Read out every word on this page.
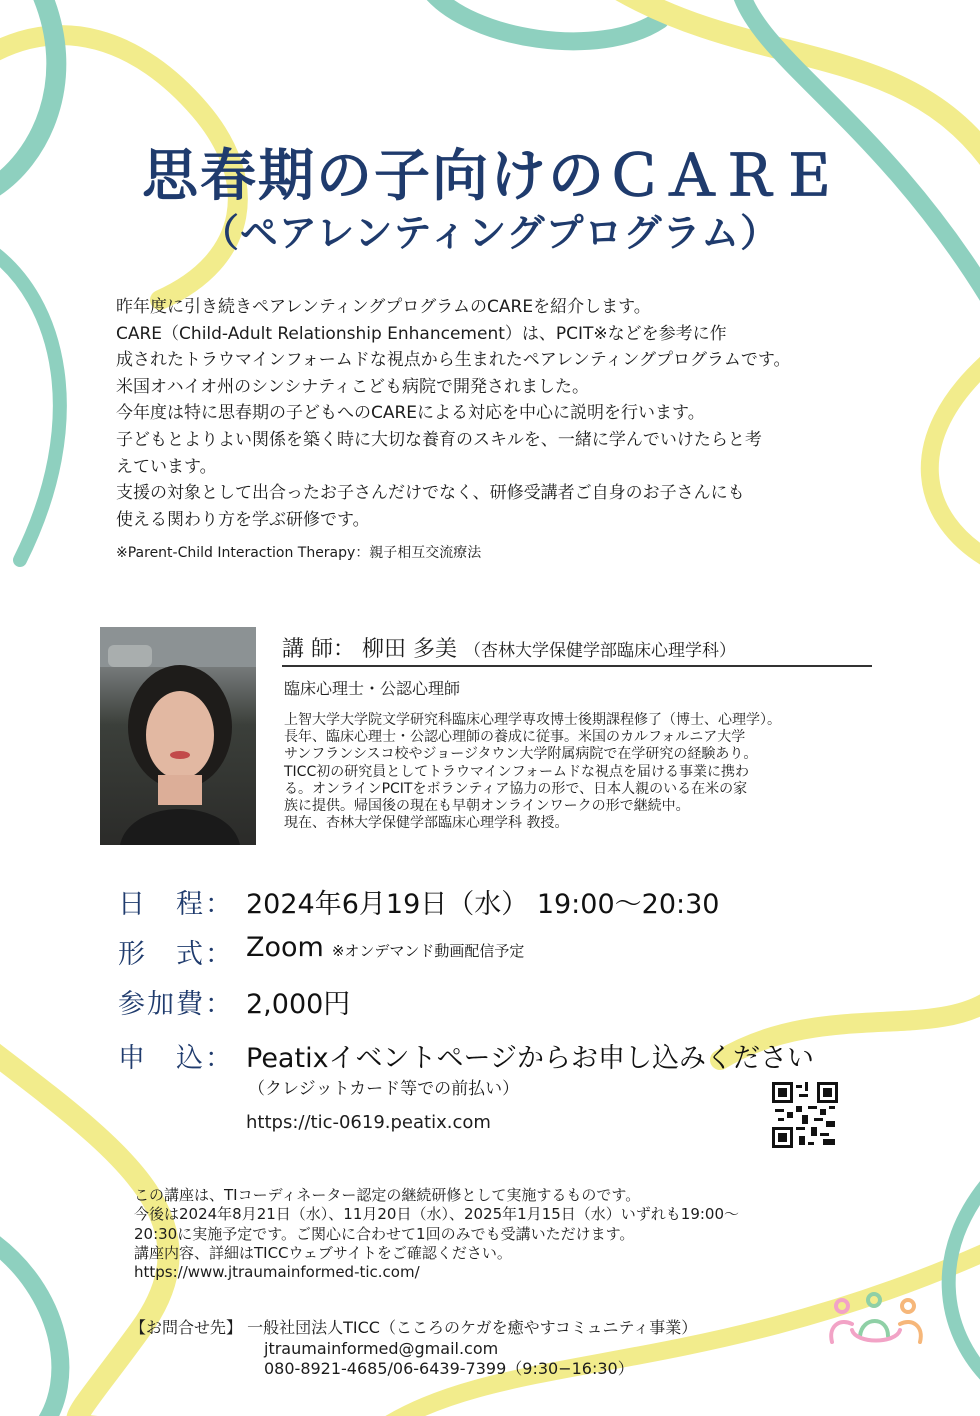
思春期の子向けのＣＡＲＥ
（ペアレンティングプログラム）

昨年度に引き続きペアレンティングプログラムのCAREを紹介します。

CARE（Child-Adult Relationship Enhancement）は、PCIT※などを参考に作

成されたトラウマインフォームドな視点から生まれたペアレンティングプログラムです。

米国オハイオ州のシンシナティこども病院で開発されました。

今年度は特に思春期の子どもへのCAREによる対応を中心に説明を行います。

子どもとよりよい関係を築く時に大切な養育のスキルを、一緒に学んでいけたらと考

えています。

支援の対象として出合ったお子さんだけでなく、研修受講者ご自身のお子さんにも

使える関わり方を学ぶ研修です。

※Parent-Child Interaction Therapy：親子相互交流療法
講 師： 柳田 多美 （杏林大学保健学部臨床心理学科）
臨床心理士・公認心理師

上智大学大学院文学研究科臨床心理学専攻博士後期課程修了（博士、心理学）。

長年、臨床心理士・公認心理師の養成に従事。米国のカルフォルニア大学

サンフランシスコ校やジョージタウン大学附属病院で在学研究の経験あり。

TICC初の研究員としてトラウマインフォームドな視点を届ける事業に携わ

る。オンラインPCITをボランティア協力の形で、日本人親のいる在米の家

族に提供。帰国後の現在も早朝オンラインワークの形で継続中。

現在、杏林大学保健学部臨床心理学科 教授。

日　程： 2024年6月19日（水） 19:00〜20:30
形　式： Zoom ※オンデマンド動画配信予定
参加費： 2,000円
申　込： Peatixイベントページからお申し込みください
（クレジットカード等での前払い）
https://tic-0619.peatix.com

この講座は、TIコーディネーター認定の継続研修として実施するものです。

今後は2024年8月21日（水）、11月20日（水）、2025年1月15日（水）いずれも19:00〜

20:30に実施予定です。ご関心に合わせて1回のみでも受講いただけます。

講座内容、詳細はTICCウェブサイトをご確認ください。

https://www.jtraumainformed-tic.com/

【お問合せ先】 一般社団法人TICC（こころのケガを癒やすコミュニティ事業）

jtraumainformed@gmail.com

080-8921-4685/06-6439-7399（9:30−16:30）
